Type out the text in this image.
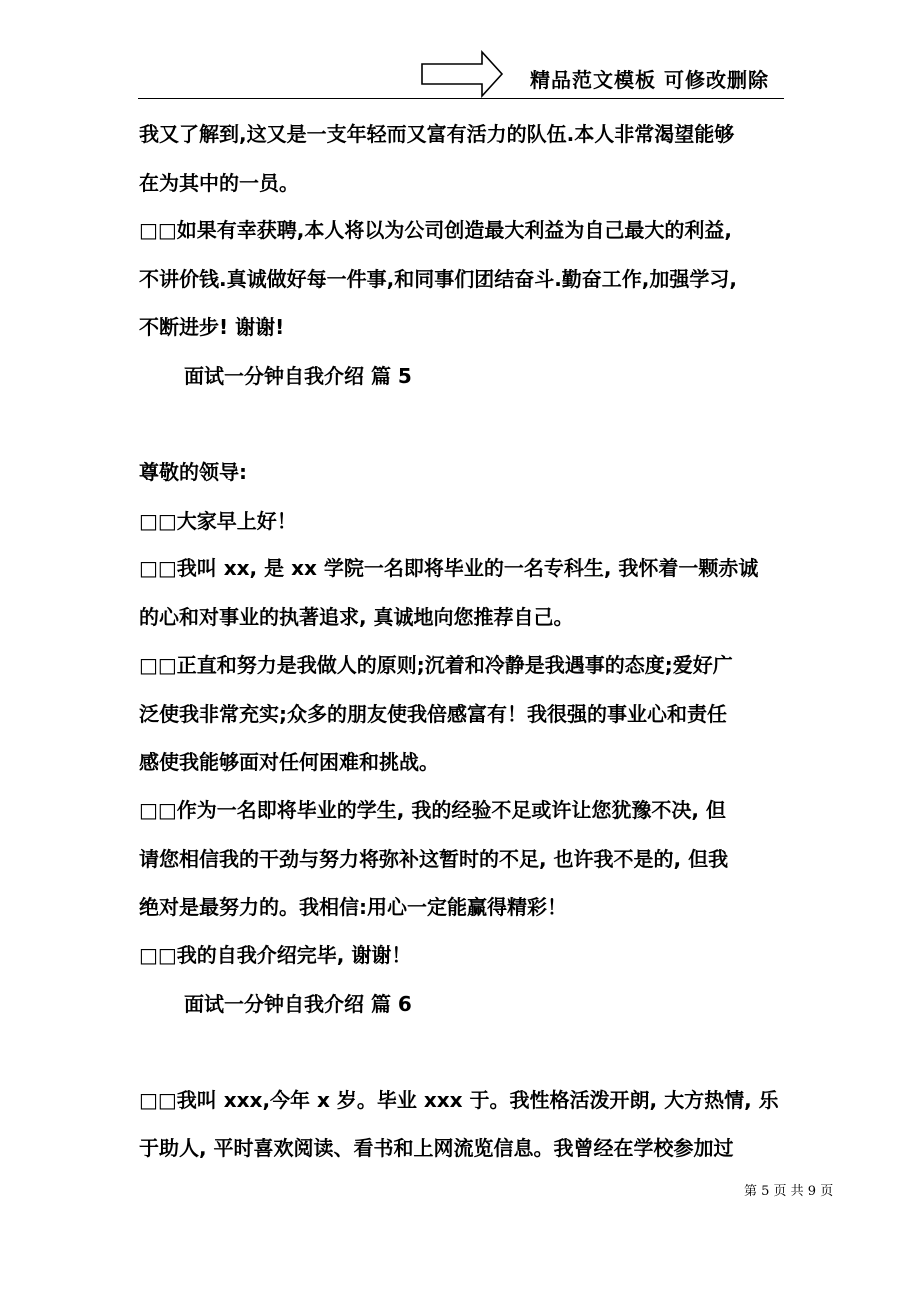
精品范文模板 可修改删除
我又了解到,这又是一支年轻而又富有活力的队伍.本人非常渴望能够
在为其中的一员。
□□如果有幸获聘,本人将以为公司创造最大利益为自己最大的利益,
不讲价钱.真诚做好每一件事,和同事们团结奋斗.勤奋工作,加强学习,
不断进步! 谢谢!
面试一分钟自我介绍 篇 5
尊敬的领导:
□□大家早上好！
□□我叫 xx, 是 xx 学院一名即将毕业的一名专科生, 我怀着一颗赤诚
的心和对事业的执著追求, 真诚地向您推荐自己。
□□正直和努力是我做人的原则;沉着和冷静是我遇事的态度;爱好广
泛使我非常充实;众多的朋友使我倍感富有！我很强的事业心和责任
感使我能够面对任何困难和挑战。
□□作为一名即将毕业的学生, 我的经验不足或许让您犹豫不决, 但
请您相信我的干劲与努力将弥补这暂时的不足, 也许我不是的, 但我
绝对是最努力的。我相信:用心一定能赢得精彩！
□□我的自我介绍完毕, 谢谢！
面试一分钟自我介绍 篇 6
□□我叫 xxx,今年 x 岁。毕业 xxx 于。我性格活泼开朗, 大方热情, 乐
于助人, 平时喜欢阅读、看书和上网流览信息。我曾经在学校参加过
第 5 页 共 9 页
